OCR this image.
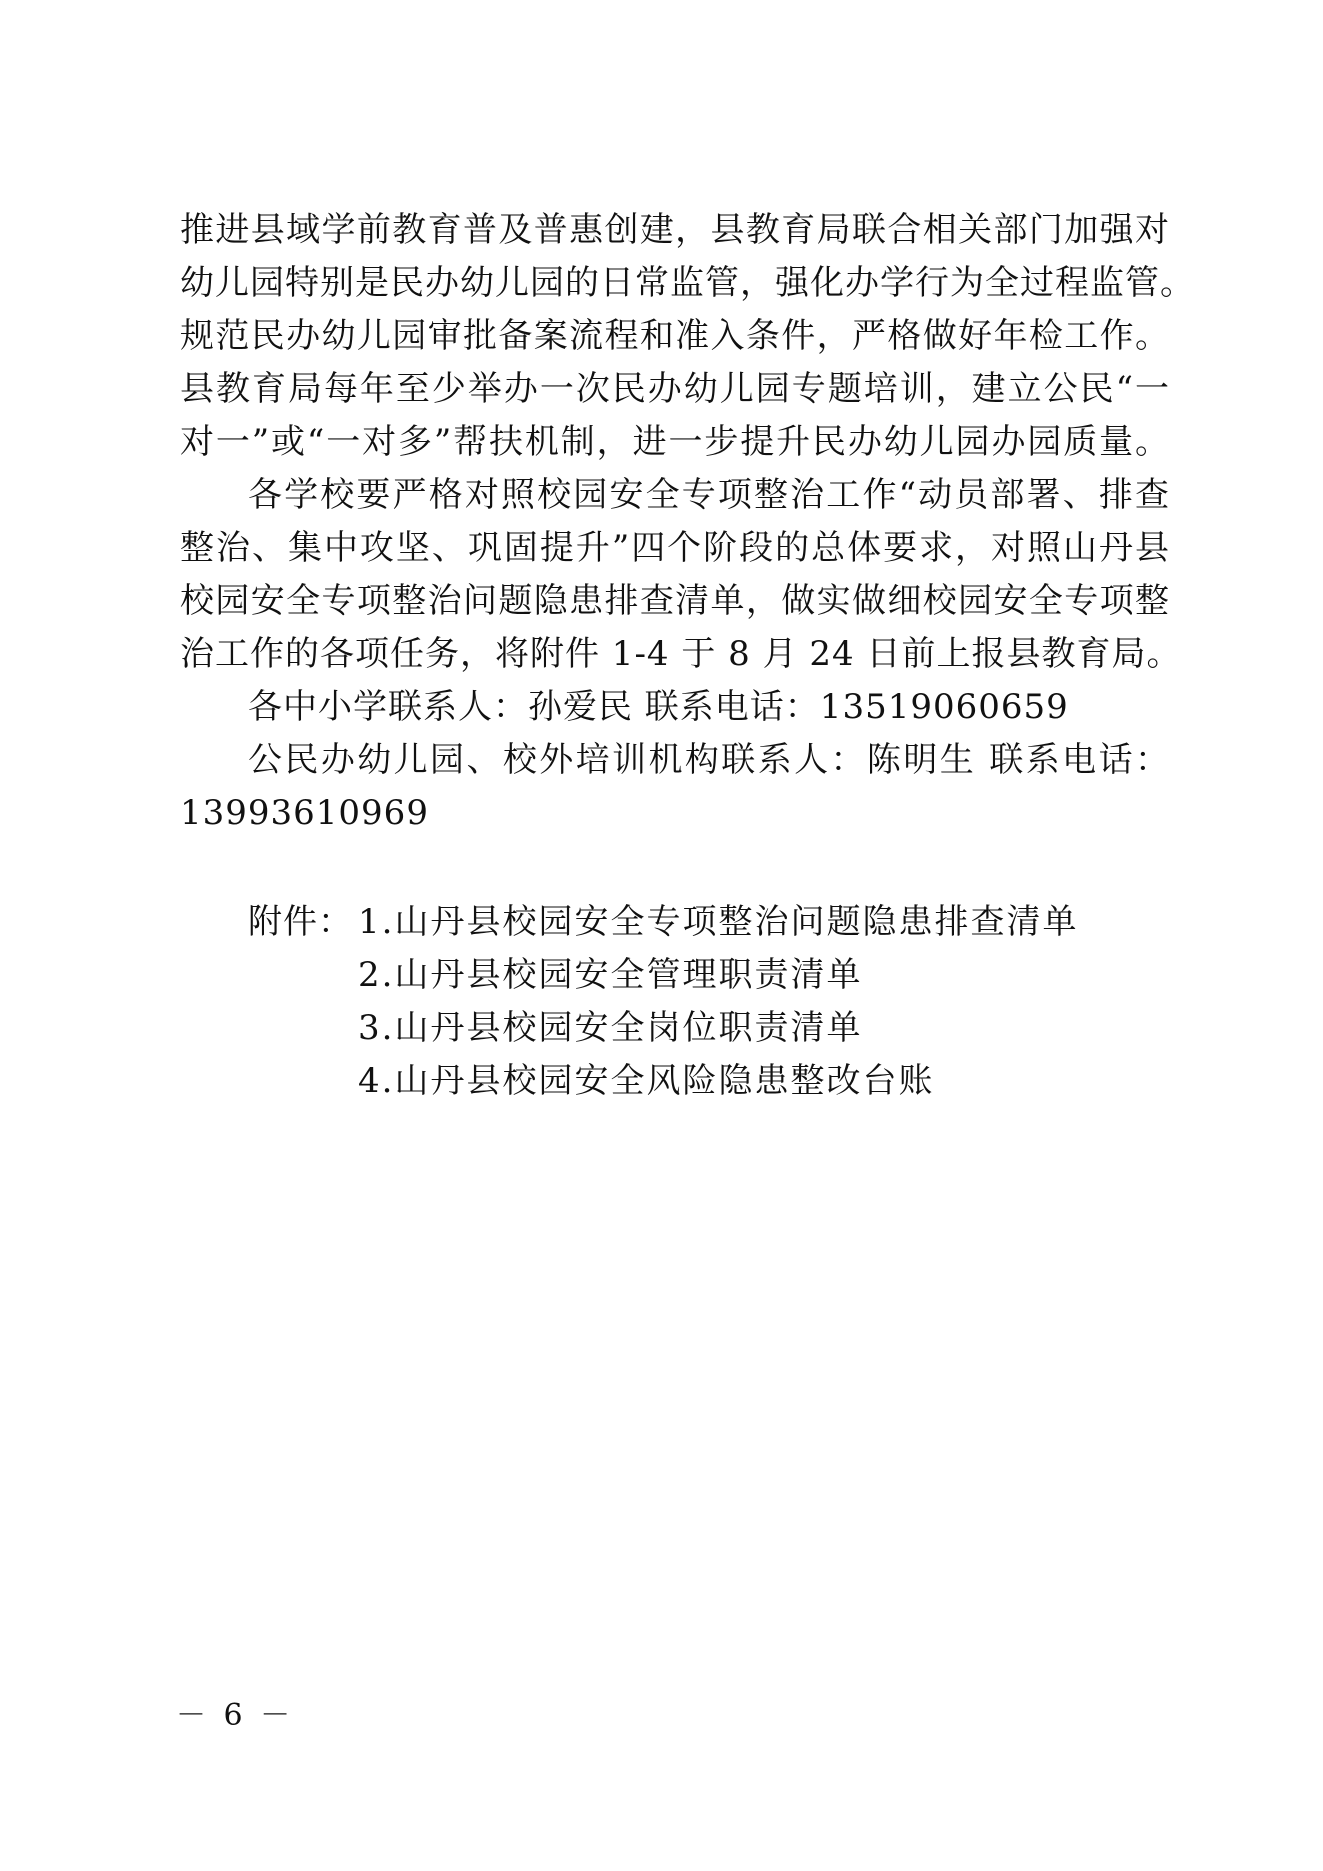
推进县域学前教育普及普惠创建，县教育局联合相关部门加强对
幼儿园特别是民办幼儿园的日常监管，强化办学行为全过程监管。
规范民办幼儿园审批备案流程和准入条件，严格做好年检工作。
县教育局每年至少举办一次民办幼儿园专题培训，建立公民“一
对一”或“一对多”帮扶机制，进一步提升民办幼儿园办园质量。
各学校要严格对照校园安全专项整治工作“动员部署、排查
整治、集中攻坚、巩固提升”四个阶段的总体要求，对照山丹县
校园安全专项整治问题隐患排查清单，做实做细校园安全专项整
治工作的各项任务，将附件 1-4 于 8 月 24 日前上报县教育局。
各中小学联系人：孙爱民 联系电话：13519060659
公民办幼儿园、校外培训机构联系人：陈明生 联系电话：
13993610969
附件： 1.山丹县校园安全专项整治问题隐患排查清单
2.山丹县校园安全管理职责清单
3.山丹县校园安全岗位职责清单
4.山丹县校园安全风险隐患整改台账
－ 6 －
